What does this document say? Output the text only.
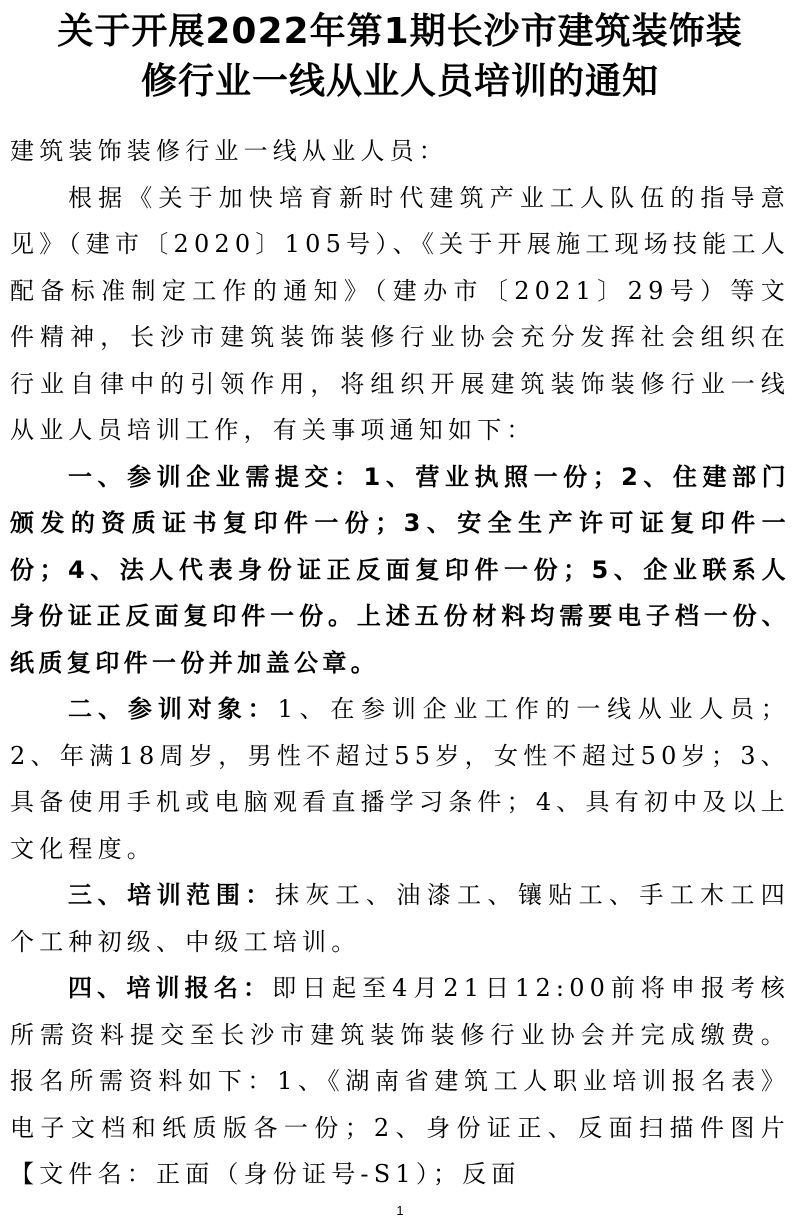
关于开展2022年第1期长沙市建筑装饰装
修行业一线从业人员培训的通知

建筑装饰装修行业一线从业人员：

根据《关于加快培育新时代建筑产业工人队伍的指导意见》（建市〔2020〕105号）、《关于开展施工现场技能工人配备标准制定工作的通知》（建办市〔2021〕29号）等文件精神，长沙市建筑装饰装修行业协会充分发挥社会组织在行业自律中的引领作用，将组织开展建筑装饰装修行业一线从业人员培训工作，有关事项通知如下：

一、参训企业需提交：1、营业执照一份；2、住建部门颁发的资质证书复印件一份；3、安全生产许可证复印件一份；4、法人代表身份证正反面复印件一份；5、企业联系人身份证正反面复印件一份。上述五份材料均需要电子档一份、纸质复印件一份并加盖公章。

二、参训对象：1、在参训企业工作的一线从业人员；2、年满18周岁，男性不超过55岁，女性不超过50岁；3、具备使用手机或电脑观看直播学习条件；4、具有初中及以上文化程度。

三、培训范围：抹灰工、油漆工、镶贴工、手工木工四个工种初级、中级工培训。

四、培训报名：即日起至4月21日12:00前将申报考核所需资料提交至长沙市建筑装饰装修行业协会并完成缴费。报名所需资料如下：1、《湖南省建筑工人职业培训报名表》电子文档和纸质版各一份；2、身份证正、反面扫描件图片【文件名：正面（身份证号-S1）；反面

1
